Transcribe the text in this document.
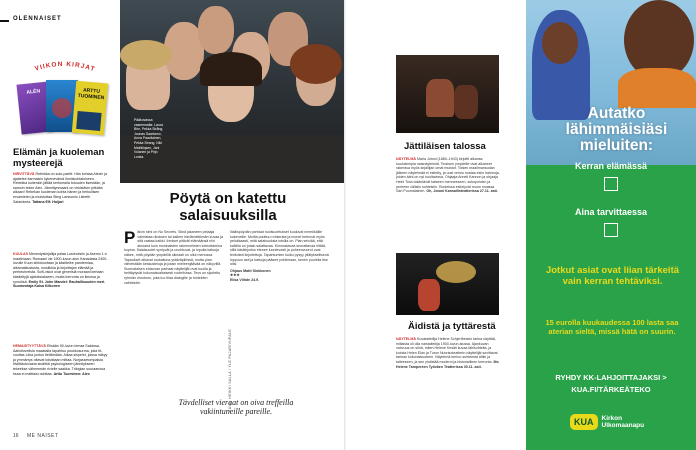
OLENNAISET
VIIKON KIRJAT
ALÉN	ARTTU TUOMINEN
Elämän ja kuoleman mysteerejä
HIRVITTÄVÄ Rebekka on solo-paetti. Hän kohtaa Alexin ja ajattelee karmaisin kykenevämä ihmiskohtaloineen. Rebekka kuitenkin jättää kertomalla totuuden itsestään, ja samoin tekee Alex. Jännittynmaani on virkistävin pitkään aikaan! Rebekan kuoleman kohta hänen ja herkullisen ervamielen ja muistuttaa Stieg Larssonin Lisbeth Salanderia. Tatiana Elf: Huijari
KUULAS Menestyskirjailija palaa Loschotsiin ja Asemo 1:n maailmaan. Romaani vie 1900-luvun alun Kanadasta 2400-luvulle Kuun siirtokuntaan ja käsittelee pandemiaa, aikamatkustusta, musiikkia ja kirjoittajan elämää ja perheuhreista. Scifi-visiot ovat generisiä moraani kertaan käsiteltyjä ajatuksiakseen, mutta kerronta on ilmoisa ja rynnöisä. Emily St. John Mandel: Rauhallisuuden meri. Suomentaja Kaisa Kilkonen
HEMAISTYYTTÄVÄ Elisään 90-luvun lemaa Saloissa. Aallotiuvelisia maastalla tapahtuu puukkosurma, joka tit-vuottas Liina joutuu tiettämään. Aikaa sispelet, joissa näkyy ja ymmärrys ottavat toisistaan mittaa. Norjassetompaisia tiiviittäutuvasta sisältöä psykologiseen jännitykseen tekeekse vähemmän rivielle saakka. Trilogian suuraanosa ksaa ei malttaisi odottaa. Arttu Tuominen: Alex
Pääkuvassa vasemmalta: Laura Birn, Pekka Strång, Joonas Saartamo, Anna Paavilainen, Pekka Strang, Niki Mathiliqsen, Jani Volanen ja Pirjo Lonka.
Pöytä on katettu salaisuuksilla
P äivin nimi on No Secrets. Siinä jakaneen pelaaja valmistaa rikoksen tai kaiken häviämättömän kuvaa ja sitä vastaa kaikki. Ihmiset pitävät elämäänsä niin ainoana kuin moninaisten rakennelmien keinottamina kupina. Salaisuudet syntyvät ja unohtuvat, ja lopulta katsoja näkee, mitä pöydän ympärillä oikeasti on ollut menossa. Tapaukset alkavat ruokailuna ystäväpiirissä, mutta pian viimeistään keskusteluja ja jotain mieleenjäävää on näkyvillä. Suomalaisen elokuvan parhaat näyttelijät ovat koolla ja heittäytyvät kokonaisvaltaisesti rooleihinsa. Teos on sijoitettu ryhmän muotoon, joka luo tilaa dialogille ja tunteiden vaihtelulle.
Illallispöydän parhaat roolisuoritukset kuuluvat nimekkäille kokeneille. Muilta puuttuu rohkeutta ja monet kertovat myös pelokkaasti, mitä salaisuuksia toisilla on. Pian selviää, että kaikilla on jotain salattavaa. Kiinnostavaa seurattavaa riittää, sillä käsikirjoitus etenee luontevasti ja puheenvuorot ovat terävästi kirjoitettuja. Tapahtumien kulku pysyy yllätyksellisenä loppuun asti ja katsoja pääsee pohtimaan, kenen puolella itse olisi.
Ohjaus Matti Sinkkonen
★★★
Elisa Viihde 24.9.
Tävdelliset vieraat on oiva treffeilla vakiintuneille pareille.
KUVA: HEIKKI SALLA / YLE PAJARIVIIPALE
16 ME NAISET
Jättiläisen talossa
NÄYTELMÄ Maria Jotuni (1880–1943) kirjoitti aikansa kuuluisimpia naisnäytelmiä. Teoksen ympärille ovat alkaneet rakentua myös kirjailijan omat muistot. Toisen maailmansodan jälkeen näytelmää ei esitetty, ja uusi versio nostaa esiin hahmoja, joiden ääni on nyt kuultavissa. Ohjaaja Anneli Kannon ja ohjaaja Heini Toivo kääntävät katseen menneeseen, sukupolvien ja perheen välisiin suhteisiin. Rooleissa esiintyvät muun muassa Sari Puumalainen. Oh, Jotuni Kansallisteatterissa 27.11. asti.
Äidistä ja tyttärestä
NÄYTELMÄ Kuvataiteilija Helene Schjerfbeckin tarina näyttää, millaista oli olla naistaiteilija 1900-luvun alussa. Ajankuvan vahvuus on siinä, miten Helene Kesäli kuvaa lähisuhteita, ja kuinka Helen Elan ja Turun Nuorisoteatterin näyttelijät sovittavat tarinan kokonaisuuteen. Näytelmä kertoo suhteesta äitiin ja taiteeseen, ja sen yhdistää moderni ja historiallinen kerronta. Mo Helene Tampereen Työväen Teatterissa 30.11. asti.
Autatko lähimmäisiäsi mieluiten:
Kerran elämässä
Aina tarvittaessa
Jotkut asiat ovat liian tärkeitä vain kerran tehtäviksi.
15 eurolla kuukaudessa 100 lasta saa aterian sieltä, missä hätä on suurin.
RYHDY KK-LAHJOITTAJAKSI >
KUA.FI/TÄRKEÄTEKO
KUA	Kirkon
Ulkomaanapu
